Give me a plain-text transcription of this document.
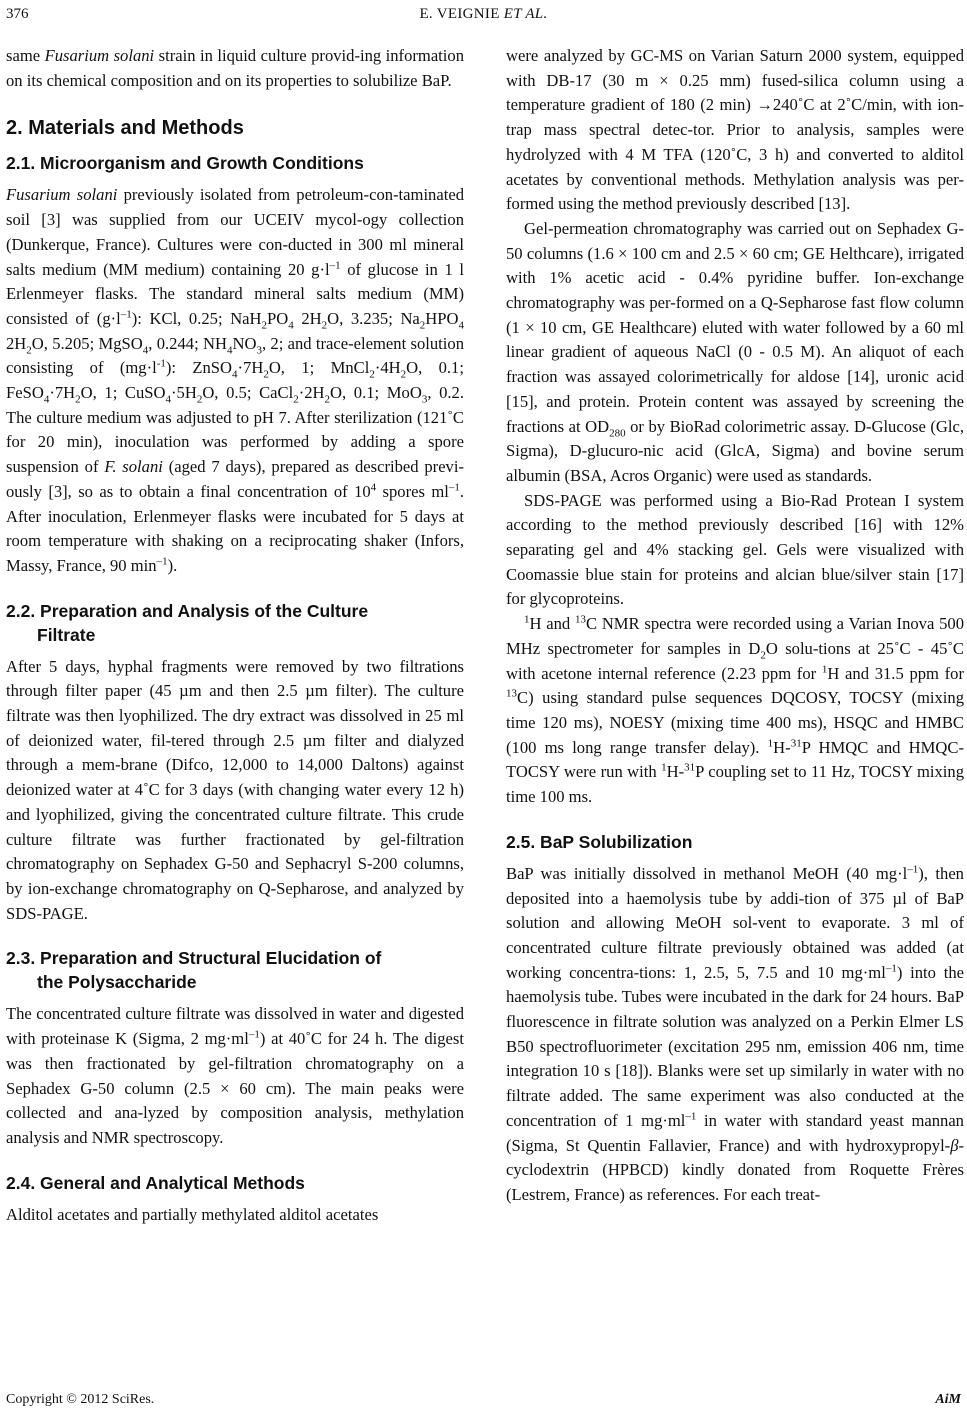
376	E. VEIGNIE ET AL.

same Fusarium solani strain in liquid culture provid-ing information on its chemical composition and on its properties to solubilize BaP.

2. Materials and Methods
2.1. Microorganism and Growth Conditions

Fusarium solani previously isolated from petroleum-con-taminated soil [3] was supplied from our UCEIV mycol-ogy collection (Dunkerque, France). Cultures were con-ducted in 300 ml mineral salts medium (MM medium) containing 20 $g\cdot l^{-1}$ of glucose in 1 l Erlenmeyer flasks. The standard mineral salts medium (MM) consisted of $(g\cdot l^{-1})$: KCl, 0.25; $NaH_2PO_4$ $2H_2O$, 3.235; $Na_2HPO_4$ $2H_2O$, 5.205; MgSO$_4$, 0.244; $NH_4NO_3$, 2; and trace-element solution consisting of $(mg\cdot l^{-1})$: $ZnSO_4\cdot 7H_2O$, 1; $MnCl_2\cdot 4H_2O$, 0.1; $FeSO_4\cdot 7H_2O$, 1; $CuSO_4\cdot 5H_2O$, 0.5; $CaCl_2\cdot 2H_2O$, 0.1; MoO$_3$, 0.2. The culture medium was adjusted to pH 7. After sterilization (121˚C for 20 min), inoculation was performed by adding a spore suspension of F. solani (aged 7 days), prepared as described previ-ously [3], so as to obtain a final concentration of $10^4$ spores $ml^{-1}$. After inoculation, Erlenmeyer flasks were incubated for 5 days at room temperature with shaking on a reciprocating shaker (Infors, Massy, France, 90 $\min^{-1}$).

2.2. Preparation and Analysis of the Culture
Filtrate

After 5 days, hyphal fragments were removed by two filtrations through filter paper (45 µm and then 2.5 µm filter). The culture filtrate was then lyophilized. The dry extract was dissolved in 25 ml of deionized water, fil-tered through 2.5 µm filter and dialyzed through a mem-brane (Difco, 12,000 to 14,000 Daltons) against deionized water at 4˚C for 3 days (with changing water every 12 h) and lyophilized, giving the concentrated culture filtrate. This crude culture filtrate was further fractionated by gel-filtration chromatography on Sephadex G-50 and Sephacryl S-200 columns, by ion-exchange chromatography on Q-Sepharose, and analyzed by SDS-PAGE.

2.3. Preparation and Structural Elucidation of
the Polysaccharide

The concentrated culture filtrate was dissolved in water and digested with proteinase K (Sigma, 2 $mg\cdot ml^{-1}$) at 40˚C for 24 h. The digest was then fractionated by gel-filtration chromatography on a Sephadex G-50 column (2.5 × 60 cm). The main peaks were collected and ana-lyzed by composition analysis, methylation analysis and NMR spectroscopy.

2.4. General and Analytical Methods

Alditol acetates and partially methylated alditol acetates

were analyzed by GC-MS on Varian Saturn 2000 system, equipped with DB-17 (30 m × 0.25 mm) fused-silica column using a temperature gradient of 180 (2 min) →240˚C at 2˚C/min, with ion-trap mass spectral detec-tor. Prior to analysis, samples were hydrolyzed with 4 M TFA (120˚C, 3 h) and converted to alditol acetates by conventional methods. Methylation analysis was per-formed using the method previously described [13].

Gel-permeation chromatography was carried out on Sephadex G-50 columns (1.6 × 100 cm and 2.5 × 60 cm; GE Helthcare), irrigated with 1% acetic acid - 0.4% pyridine buffer. Ion-exchange chromatography was per-formed on a Q-Sepharose fast flow column (1 × 10 cm, GE Healthcare) eluted with water followed by a 60 ml linear gradient of aqueous NaCl (0 - 0.5 M). An aliquot of each fraction was assayed colorimetrically for aldose [14], uronic acid [15], and protein. Protein content was assayed by screening the fractions at $OD_{280}$ or by BioRad colorimetric assay. D-Glucose (Glc, Sigma), D-glucuro-nic acid (GlcA, Sigma) and bovine serum albumin (BSA, Acros Organic) were used as standards.

SDS-PAGE was performed using a Bio-Rad Protean I system according to the method previously described [16] with 12% separating gel and 4% stacking gel. Gels were visualized with Coomassie blue stain for proteins and alcian blue/silver stain [17] for glycoproteins.

$^1$H and $^{13}$C NMR spectra were recorded using a Varian Inova 500 MHz spectrometer for samples in $D_2O$ solu-tions at 25˚C - 45˚C with acetone internal reference (2.23 ppm for $^1$H and 31.5 ppm for $^{13}$C) using standard pulse sequences DQCOSY, TOCSY (mixing time 120 ms), NOESY (mixing time 400 ms), HSQC and HMBC (100 ms long range transfer delay). $^1$H-$^{31}$P HMQC and HMQC-TOCSY were run with $^1$H-$^{31}$P coupling set to 11 Hz, TOCSY mixing time 100 ms.

2.5. BaP Solubilization

BaP was initially dissolved in methanol MeOH (40 $mg\cdot l^{-1}$), then deposited into a haemolysis tube by addi-tion of 375 µl of BaP solution and allowing MeOH sol-vent to evaporate. 3 ml of concentrated culture filtrate previously obtained was added (at working concentra-tions: 1, 2.5, 5, 7.5 and 10 $mg\cdot ml^{-1}$) into the haemolysis tube. Tubes were incubated in the dark for 24 hours. BaP fluorescence in filtrate solution was analyzed on a Perkin Elmer LS B50 spectrofluorimeter (excitation 295 nm, emission 406 nm, time integration 10 s [18]). Blanks were set up similarly in water with no filtrate added. The same experiment was also conducted at the concentration of 1 $mg\cdot ml^{-1}$ in water with standard yeast mannan (Sigma, St Quentin Fallavier, France) and with hydroxypropyl-β-cyclodextrin (HPBCD) kindly donated from Roquette Frères (Lestrem, France) as references. For each treat-

Copyright © 2012 SciRes.	AiM
